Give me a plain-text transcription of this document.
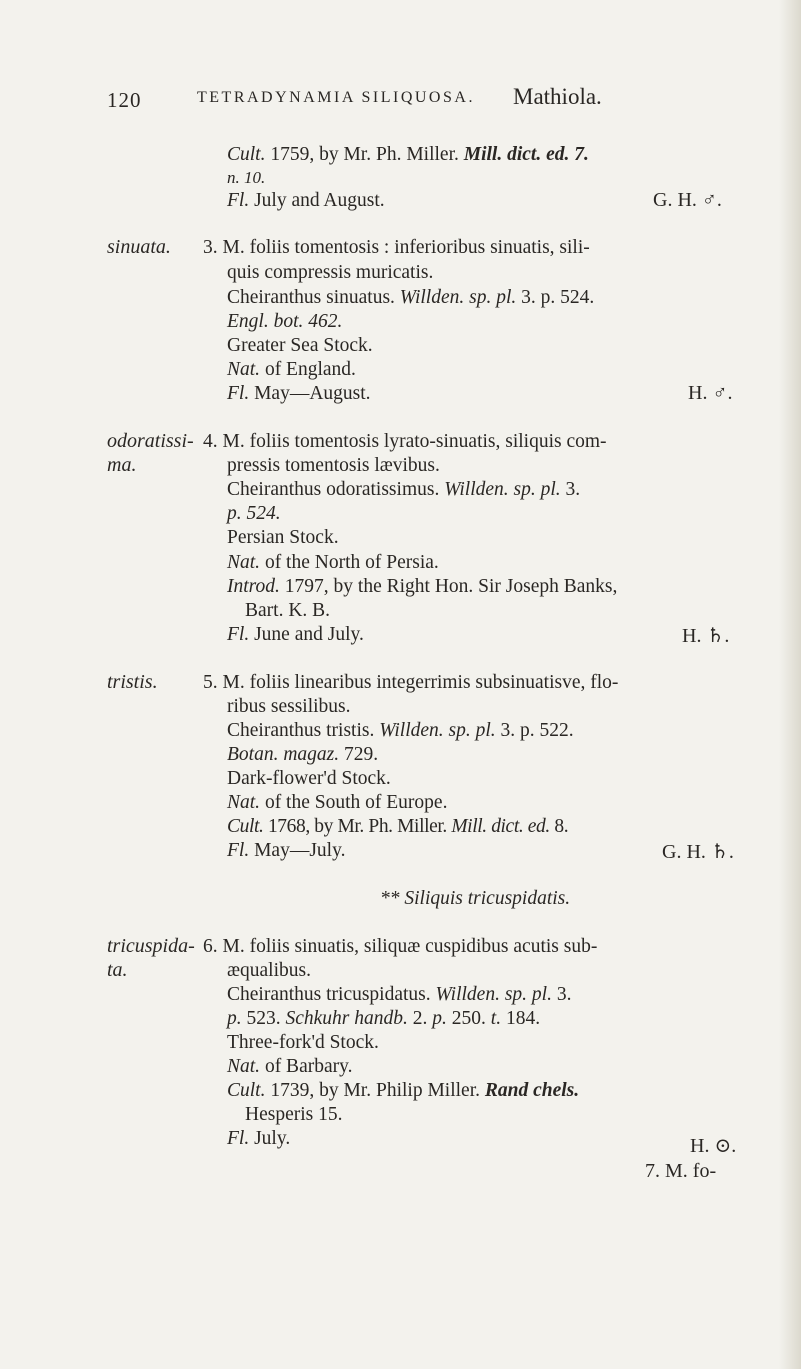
120	TETRADYNAMIA SILIQUOSA. Mathiola.
Cult. 1759, by Mr. Ph. Miller. Mill. dict. ed. 7.
n. 10.
Fl. July and August.	G. H. ♂.
sinuata. 3. M. foliis tomentosis : inferioribus sinuatis, sili-
quis compressis muricatis.
Cheiranthus sinuatus. Willden. sp. pl. 3. p. 524.
Engl. bot. 462.
Greater Sea Stock.
Nat. of England.
Fl. May—August.	H. ♂.
odoratissi-
ma.
4. M. foliis tomentosis lyrato-sinuatis, siliquis com-
pressis tomentosis lævibus.
Cheiranthus odoratissimus. Willden. sp. pl. 3.
p. 524.
Persian Stock.
Nat. of the North of Persia.
Introd. 1797, by the Right Hon. Sir Joseph Banks,
Bart. K. B.
Fl. June and July.	H. ♄.
tristis. 5. M. foliis linearibus integerrimis subsinuatisve, flo-
ribus sessilibus.
Cheiranthus tristis. Willden. sp. pl. 3. p. 522.
Botan. magaz. 729.
Dark-flower'd Stock.
Nat. of the South of Europe.
Cult. 1768, by Mr. Ph. Miller. Mill. dict. ed. 8.
Fl. May—July.	G. H. ♄.
** Siliquis tricuspidatis.
tricuspida-
ta.
6. M. foliis sinuatis, siliquæ cuspidibus acutis sub-
æqualibus.
Cheiranthus tricuspidatus. Willden. sp. pl. 3.
p. 523. Schkuhr handb. 2. p. 250. t. 184.
Three-fork'd Stock.
Nat. of Barbary.
Cult. 1739, by Mr. Philip Miller. Rand chels.
Hesperis 15.
Fl. July.	H. ⊙.
7. M. fo-
